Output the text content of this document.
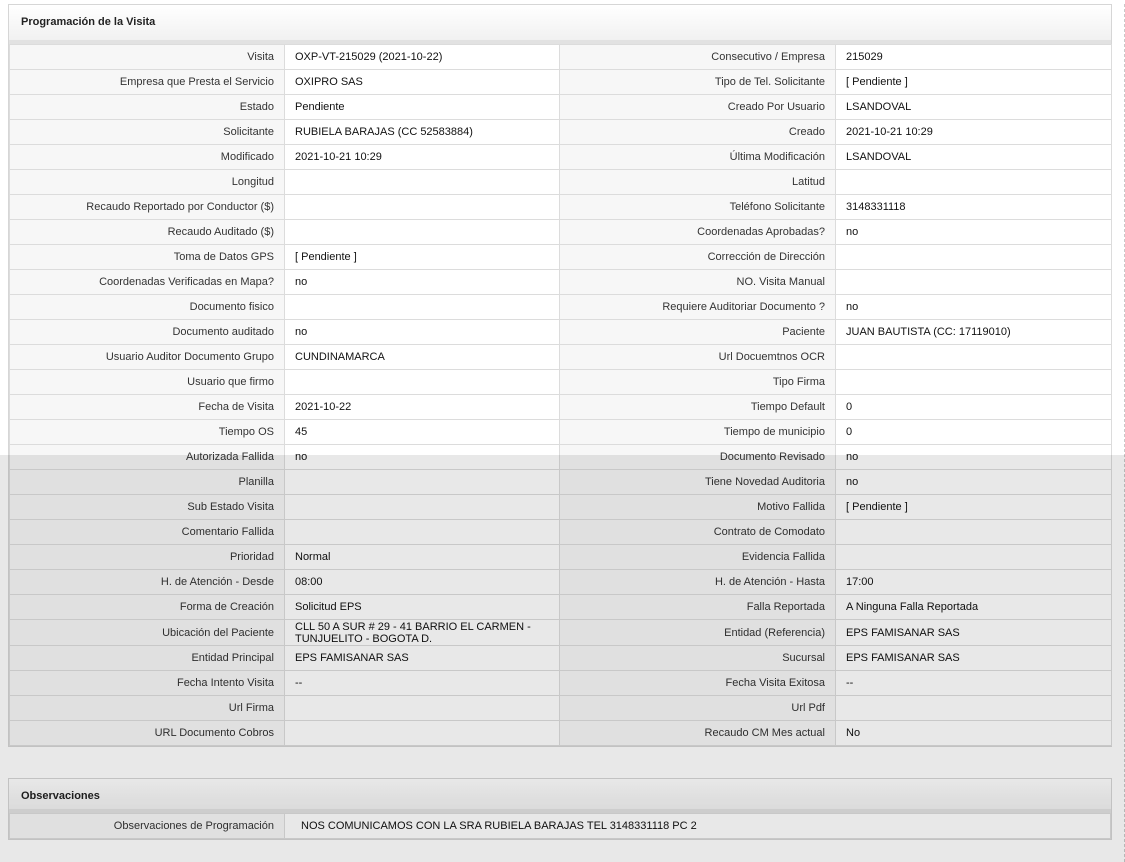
Programación de la Visita
Visita	OXP-VT-215029 (2021-10-22)	Consecutivo / Empresa	215029
Empresa que Presta el Servicio	OXIPRO SAS	Tipo de Tel. Solicitante	[ Pendiente ]
Estado	Pendiente	Creado Por Usuario	LSANDOVAL
Solicitante	RUBIELA BARAJAS (CC 52583884)	Creado	2021-10-21 10:29
Modificado	2021-10-21 10:29	Última Modificación	LSANDOVAL
Longitud		Latitud	
Recaudo Reportado por Conductor ($)		Teléfono Solicitante	3148331118
Recaudo Auditado ($)		Coordenadas Aprobadas?	no
Toma de Datos GPS	[ Pendiente ]	Corrección de Dirección	
Coordenadas Verificadas en Mapa?	no	NO. Visita Manual	
Documento fisico		Requiere Auditoriar Documento ?	no
Documento auditado	no	Paciente	JUAN BAUTISTA (CC: 17119010)
Usuario Auditor Documento Grupo	CUNDINAMARCA	Url Docuemtnos OCR	
Usuario que firmo		Tipo Firma	
Fecha de Visita	2021-10-22	Tiempo Default	0
Tiempo OS	45	Tiempo de municipio	0
Autorizada Fallida	no	Documento Revisado	no
Planilla		Tiene Novedad Auditoria	no
Sub Estado Visita		Motivo Fallida	[ Pendiente ]
Comentario Fallida		Contrato de Comodato	
Prioridad	Normal	Evidencia Fallida	
H. de Atención - Desde	08:00	H. de Atención - Hasta	17:00
Forma de Creación	Solicitud EPS	Falla Reportada	A Ninguna Falla Reportada
Ubicación del Paciente	CLL 50 A SUR # 29 - 41 BARRIO EL CARMEN - TUNJUELITO - BOGOTA D.	Entidad (Referencia)	EPS FAMISANAR SAS
Entidad Principal	EPS FAMISANAR SAS	Sucursal	EPS FAMISANAR SAS
Fecha Intento Visita	--	Fecha Visita Exitosa	--
Url Firma		Url Pdf	
URL Documento Cobros		Recaudo CM Mes actual	No
Observaciones
Observaciones de Programación	NOS COMUNICAMOS CON LA SRA RUBIELA BARAJAS TEL 3148331118 PC 2
